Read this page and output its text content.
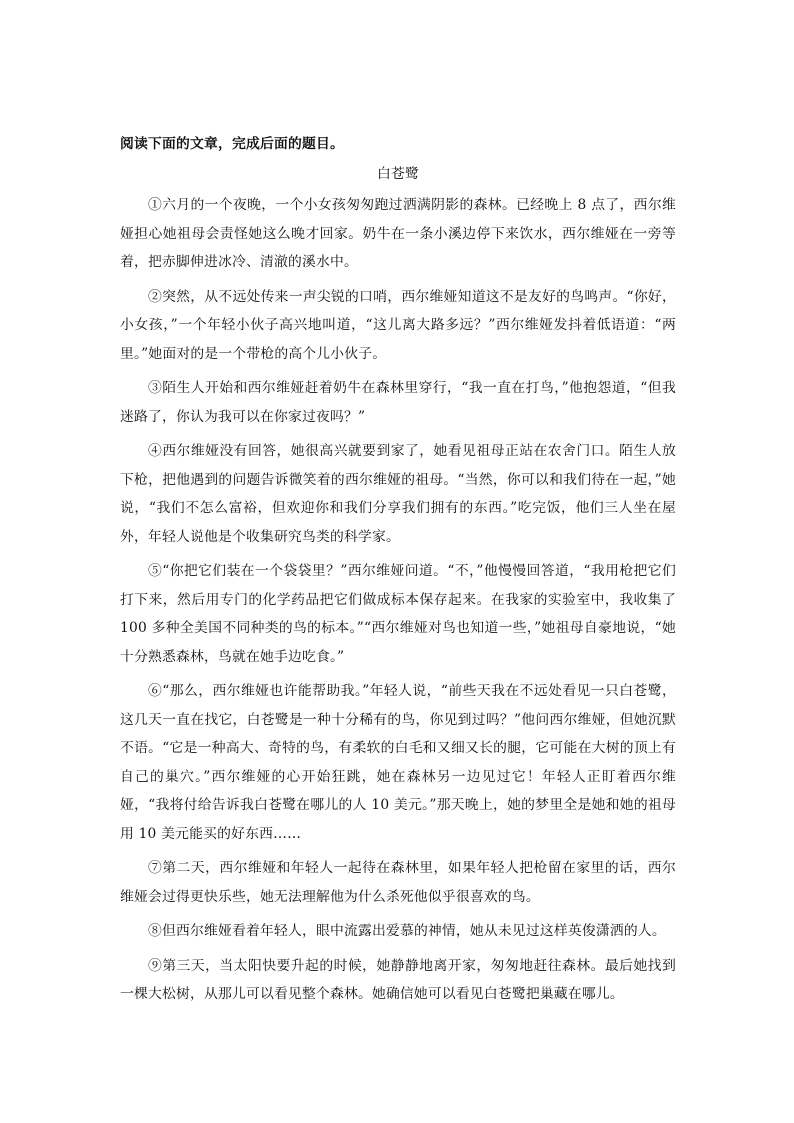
阅读下面的文章，完成后面的题目。

白苍鹭

①六月的一个夜晚，一个小女孩匆匆跑过洒满阴影的森林。已经晚上 8 点了，西尔维娅担心她祖母会责怪她这么晚才回家。奶牛在一条小溪边停下来饮水，西尔维娅在一旁等着，把赤脚伸进冰冷、清澈的溪水中。

②突然，从不远处传来一声尖锐的口哨，西尔维娅知道这不是友好的鸟鸣声。“你好，小女孩，”一个年轻小伙子高兴地叫道，“这儿离大路多远？”西尔维娅发抖着低语道：“两里。”她面对的是一个带枪的高个儿小伙子。

③陌生人开始和西尔维娅赶着奶牛在森林里穿行，“我一直在打鸟，”他抱怨道，“但我迷路了，你认为我可以在你家过夜吗？”

④西尔维娅没有回答，她很高兴就要到家了，她看见祖母正站在农舍门口。陌生人放下枪，把他遇到的问题告诉微笑着的西尔维娅的祖母。“当然，你可以和我们待在一起，”她说，“我们不怎么富裕，但欢迎你和我们分享我们拥有的东西。”吃完饭，他们三人坐在屋外，年轻人说他是个收集研究鸟类的科学家。

⑤“你把它们装在一个袋袋里？”西尔维娅问道。“不，”他慢慢回答道，“我用枪把它们打下来，然后用专门的化学药品把它们做成标本保存起来。在我家的实验室中，我收集了 100 多种全美国不同种类的鸟的标本。”“西尔维娅对鸟也知道一些，”她祖母自豪地说，“她十分熟悉森林，鸟就在她手边吃食。”

⑥“那么，西尔维娅也许能帮助我。”年轻人说，“前些天我在不远处看见一只白苍鹭，这几天一直在找它，白苍鹭是一种十分稀有的鸟，你见到过吗？”他问西尔维娅，但她沉默不语。“它是一种高大、奇特的鸟，有柔软的白毛和又细又长的腿，它可能在大树的顶上有自己的巢穴。”西尔维娅的心开始狂跳，她在森林另一边见过它！年轻人正盯着西尔维娅，“我将付给告诉我白苍鹭在哪儿的人 10 美元。”那天晚上，她的梦里全是她和她的祖母用 10 美元能买的好东西……

⑦第二天，西尔维娅和年轻人一起待在森林里，如果年轻人把枪留在家里的话，西尔维娅会过得更快乐些，她无法理解他为什么杀死他似乎很喜欢的鸟。

⑧但西尔维娅看着年轻人，眼中流露出爱慕的神情，她从未见过这样英俊潇洒的人。

⑨第三天，当太阳快要升起的时候，她静静地离开家，匆匆地赶往森林。最后她找到一棵大松树，从那儿可以看见整个森林。她确信她可以看见白苍鹭把巢藏在哪儿。
